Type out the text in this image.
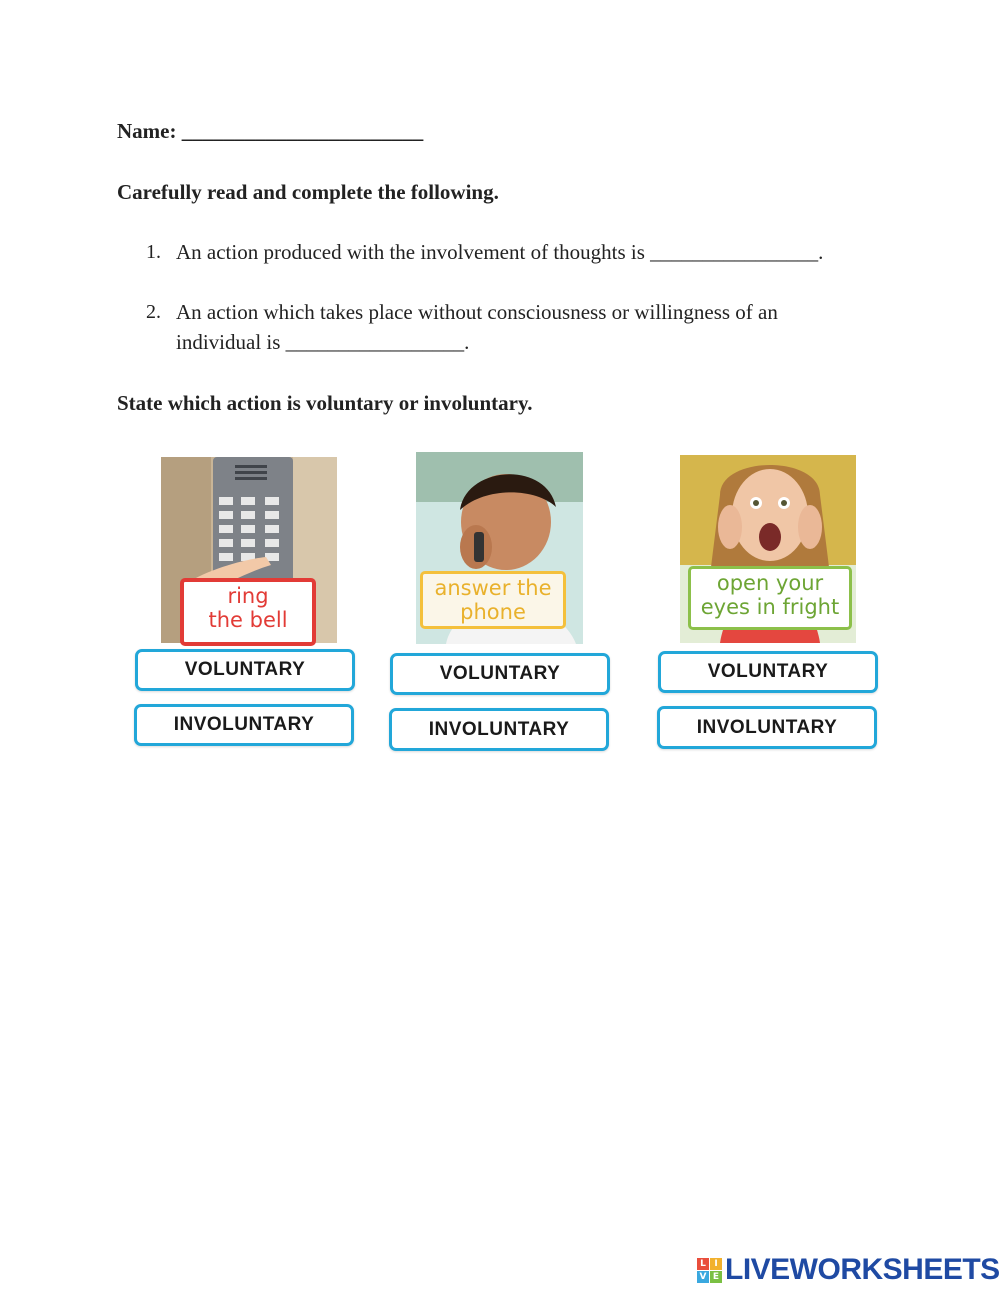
Name: _______________________
Carefully read and complete the following.
1. An action produced with the involvement of thoughts is ________________.
2. An action which takes place without consciousness or willingness of an
individual is _________________.
State which action is voluntary or involuntary.
ring
the bell
answer the
phone
open your
eyes in fright
VOLUNTARY
INVOLUNTARY
VOLUNTARY
INVOLUNTARY
VOLUNTARY
INVOLUNTARY
L I
V E LIVEWORKSHEETS
